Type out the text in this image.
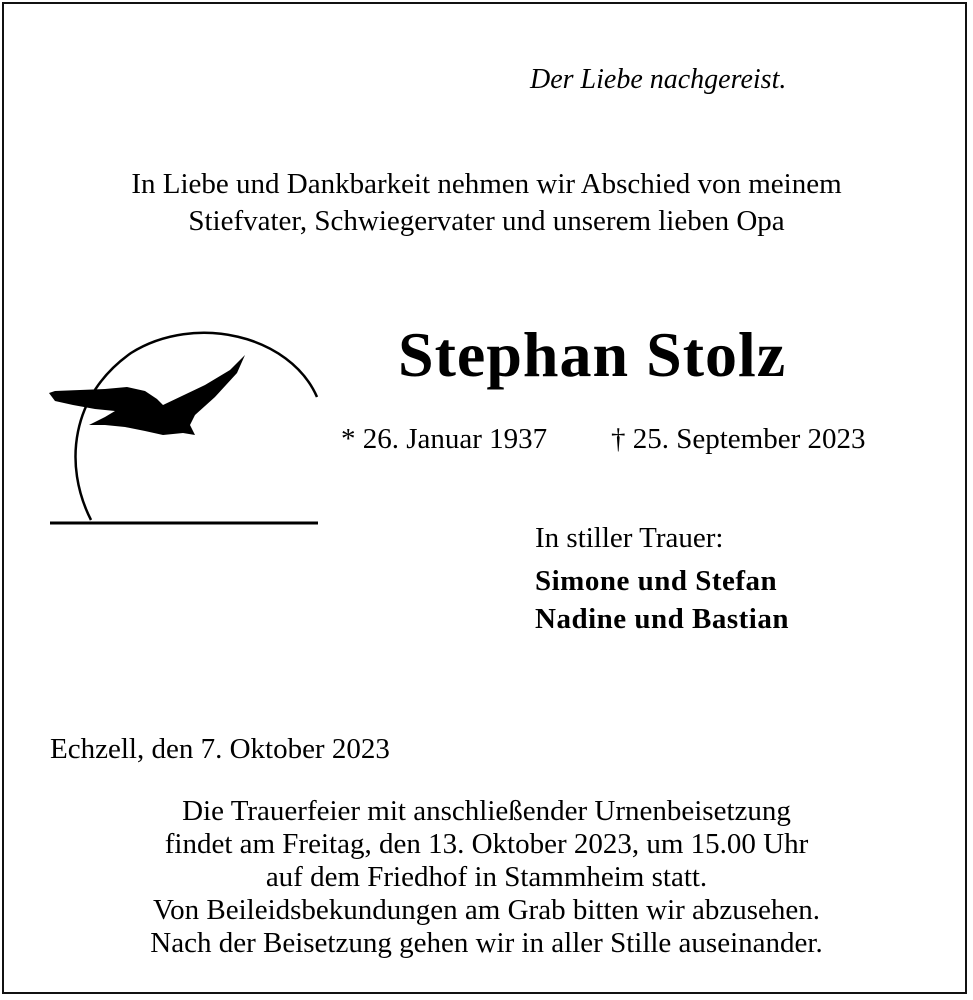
Der Liebe nachgereist.
In Liebe und Dankbarkeit nehmen wir Abschied von meinem
Stiefvater, Schwiegervater und unserem lieben Opa
Stephan Stolz
* 26. Januar 1937 † 25. September 2023
In stiller Trauer:
Simone und Stefan
Nadine und Bastian
Echzell, den 7. Oktober 2023
Die Trauerfeier mit anschließender Urnenbeisetzung
findet am Freitag, den 13. Oktober 2023, um 15.00 Uhr
auf dem Friedhof in Stammheim statt.
Von Beileidsbekundungen am Grab bitten wir abzusehen.
Nach der Beisetzung gehen wir in aller Stille auseinander.
